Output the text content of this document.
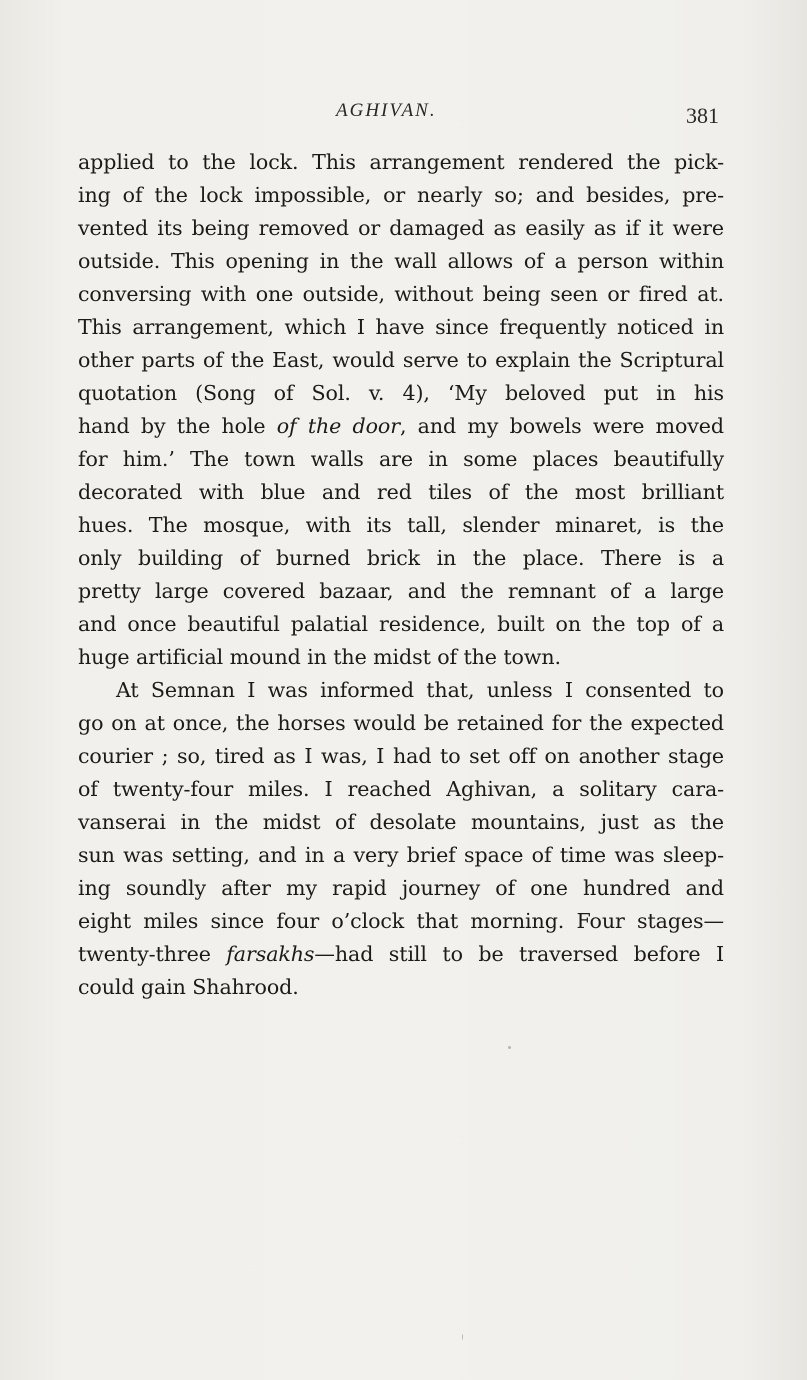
AGHIVAN.	381
applied to the lock. This arrangement rendered the pick-
ing of the lock impossible, or nearly so; and besides, pre-
vented its being removed or damaged as easily as if it were
outside. This opening in the wall allows of a person within
conversing with one outside, without being seen or fired at.
This arrangement, which I have since frequently noticed in
other parts of the East, would serve to explain the Scriptural
quotation (Song of Sol. v. 4), ‘My beloved put in his
hand by the hole of the door, and my bowels were moved
for him.’ The town walls are in some places beautifully
decorated with blue and red tiles of the most brilliant
hues. The mosque, with its tall, slender minaret, is the
only building of burned brick in the place. There is a
pretty large covered bazaar, and the remnant of a large
and once beautiful palatial residence, built on the top of a
huge artificial mound in the midst of the town.
At Semnan I was informed that, unless I consented to
go on at once, the horses would be retained for the expected
courier ; so, tired as I was, I had to set off on another stage
of twenty-four miles. I reached Aghivan, a solitary cara-
vanserai in the midst of desolate mountains, just as the
sun was setting, and in a very brief space of time was sleep-
ing soundly after my rapid journey of one hundred and
eight miles since four o’clock that morning. Four stages—
twenty-three farsakhs—had still to be traversed before I
could gain Shahrood.
